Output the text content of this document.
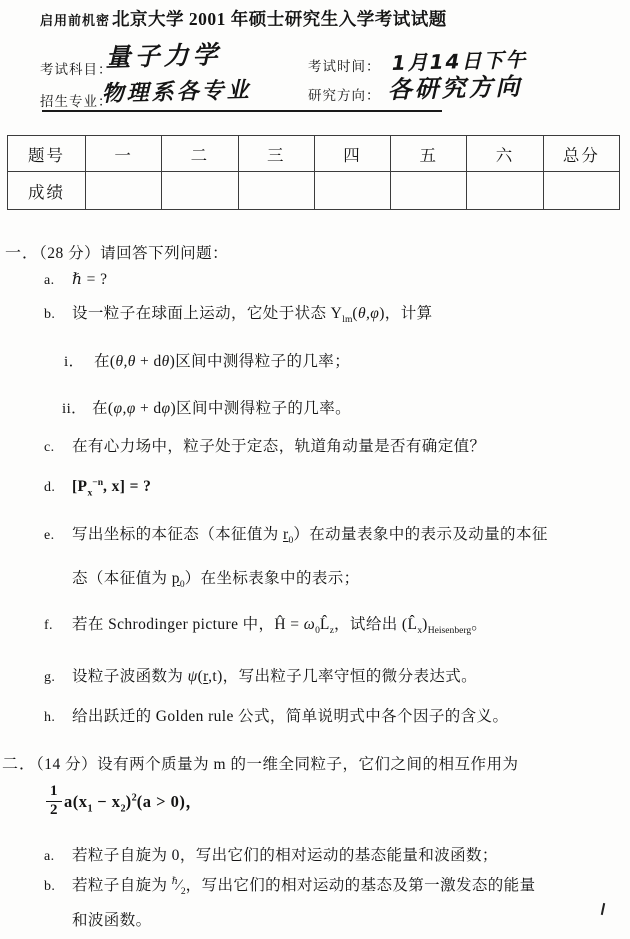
启用前机密 北京大学 2001 年硕士研究生入学考试试题
考试科目：
量子力学	考试时间： 1月14日下午
招生专业：
物理系各专业	研究方向： 各研究方向
题号	一	二	三	四	五	六	总分
成绩							
一．（28 分）请回答下列问题：
a.	ℏ = ?
b.	设一粒子在球面上运动，它处于状态 $Y_{lm}(\theta,\varphi)$，计算
i． 在(θ,θ + dθ)区间中测得粒子的几率；
ii． 在(φ,φ + dφ)区间中测得粒子的几率。
c.	在有心力场中，粒子处于定态，轨道角动量是否有确定值？
d.	[$P_x^{-n}$, x] = ?
e.	写出坐标的本征态（本征值为 $r_0$）在动量表象中的表示及动量的本征
态（本征值为 $p_0$）在坐标表象中的表示；
f.	若在 Schrodinger picture 中，Ĥ = $\omega_0L̂_z$，试给出 $(L̂_x)_{Heisenberg}$。
g.	设粒子波函数为 ψ(r,t)，写出粒子几率守恒的微分表达式。
h.	给出跃迁的 Golden rule 公式，简单说明式中各个因子的含义。
二．（14 分）设有两个质量为 m 的一维全同粒子，它们之间的相互作用为
$\frac{1}{2} a(x_1 - x_2)^2(a > 0)$，
a.	若粒子自旋为 0，写出它们的相对运动的基态能量和波函数；
b.	若粒子自旋为 $^\hbar⁄_2$，写出它们的相对运动的基态及第一激发态的能量
和波函数。
